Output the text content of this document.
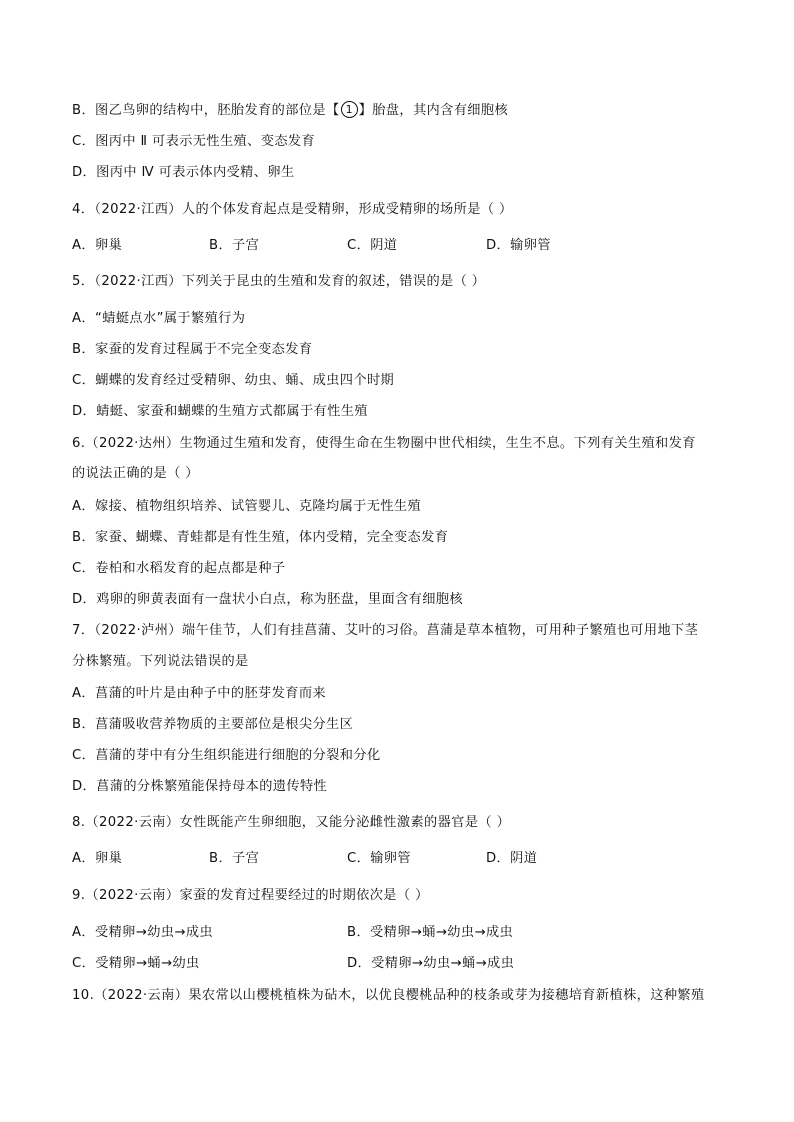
B．图乙鸟卵的结构中，胚胎发育的部位是【 1 】胎盘，其内含有细胞核
C．图丙中 Ⅱ 可表示无性生殖、变态发育
D．图丙中 Ⅳ 可表示体内受精、卵生
4．（2022·江西）人的个体发育起点是受精卵，形成受精卵的场所是（ ）
A．卵巢	B．子宫	C．阴道	D．输卵管
5．（2022·江西）下列关于昆虫的生殖和发育的叙述，错误的是（ ）
A．“蜻蜓点水”属于繁殖行为
B．家蚕的发育过程属于不完全变态发育
C．蝴蝶的发育经过受精卵、幼虫、蛹、成虫四个时期
D．蜻蜓、家蚕和蝴蝶的生殖方式都属于有性生殖
6.（2022·达州）生物通过生殖和发育，使得生命在生物圈中世代相续，生生不息。下列有关生殖和发育
的说法正确的是（ ）
A．嫁接、植物组织培养、试管婴儿、克隆均属于无性生殖
B．家蚕、蝴蝶、青蛙都是有性生殖，体内受精，完全变态发育
C．卷柏和水稻发育的起点都是种子
D．鸡卵的卵黄表面有一盘状小白点，称为胚盘，里面含有细胞核
7．（2022·泸州）端午佳节，人们有挂菖蒲、艾叶的习俗。菖蒲是草本植物，可用种子繁殖也可用地下茎
分株繁殖。下列说法错误的是
A．菖蒲的叶片是由种子中的胚芽发育而来
B．菖蒲吸收营养物质的主要部位是根尖分生区
C．菖蒲的芽中有分生组织能进行细胞的分裂和分化
D．菖蒲的分株繁殖能保持母本的遗传特性
8.（2022·云南）女性既能产生卵细胞，又能分泌雌性激素的器官是（ ）
A．卵巢	B．子宫	C．输卵管	D．阴道
9.（2022·云南）家蚕的发育过程要经过的时期依次是（ ）
A．受精卵→幼虫→成虫	B．受精卵→蛹→幼虫→成虫
C．受精卵→蛹→幼虫	D．受精卵→幼虫→蛹→成虫
10.（2022·云南）果农常以山樱桃植株为砧木，以优良樱桃品种的枝条或芽为接穗培育新植株，这种繁殖
